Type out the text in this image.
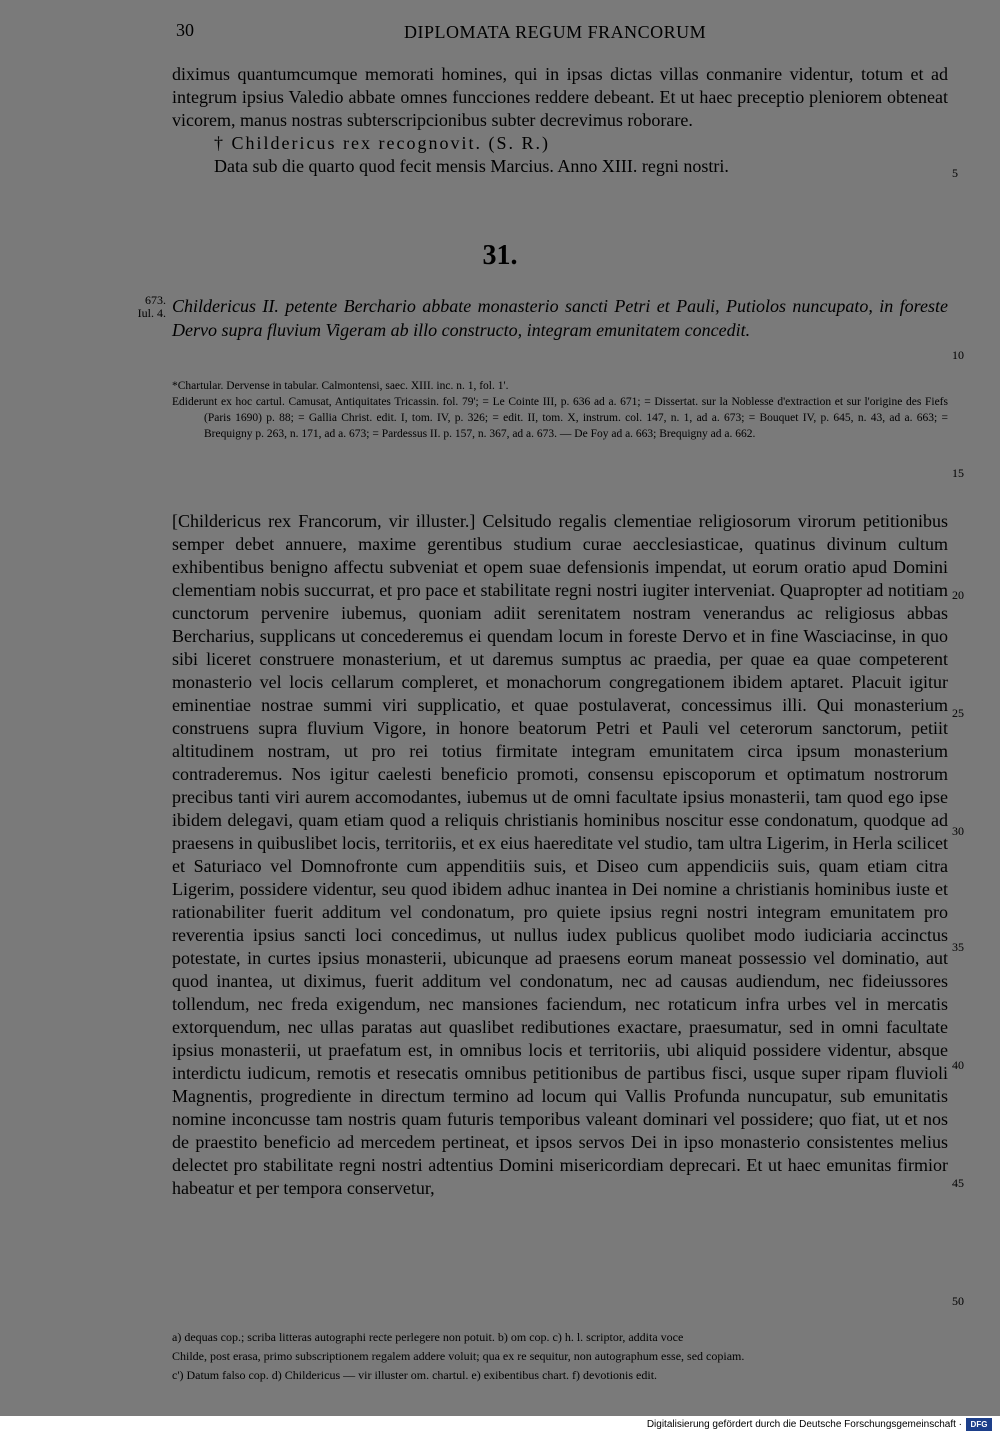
30	DIPLOMATA REGUM FRANCORUM
diximus quantumcumque memorati homines, qui in ipsas dictas villas conmanire videntur, totum et ad integrum ipsius Valedio abbate omnes funcciones reddere debeant. Et ut haec preceptio pleniorem obteneat vicorem, manus nostras subterscripcionibus subter decrevimus roborare.
† Childericus rex recognovit. (S. R.)
Data sub die quarto quod fecit mensis Marcius. Anno XIII. regni nostri.
31.
673.
Iul. 4. Childericus II. petente Berchario abbate monasterio sancti Petri et Pauli, Putiolos nuncupato, in foreste Dervo supra fluvium Vigeram ab illo constructo, integram emunitatem concedit.

*Chartular. Dervense in tabular. Calmontensi, saec. XIII. inc. n. 1, fol. 1'.

Ediderunt ex hoc cartul. Camusat, Antiquitates Tricassin. fol. 79'; = Le Cointe III, p. 636 ad a. 671; = Dissertat. sur la Noblesse d'extraction et sur l'origine des Fiefs (Paris 1690) p. 88; = Gallia Christ. edit. I, tom. IV, p. 326; = edit. II, tom. X, instrum. col. 147, n. 1, ad a. 673; = Bouquet IV, p. 645, n. 43, ad a. 663; = Brequigny p. 263, n. 171, ad a. 673; = Pardessus II. p. 157, n. 367, ad a. 673. — De Foy ad a. 663; Brequigny ad a. 662.

[Childericus rex Francorum, vir illuster.] Celsitudo regalis clementiae religiosorum virorum petitionibus semper debet annuere, maxime gerentibus studium curae aecclesiasticae, quatinus divinum cultum exhibentibus benigno affectu subveniat et opem suae defensionis impendat, ut eorum oratio apud Domini clementiam nobis succurrat, et pro pace et stabilitate regni nostri iugiter interveniat. Quapropter ad notitiam cunctorum pervenire iubemus, quoniam adiit serenitatem nostram venerandus ac religiosus abbas Bercharius, supplicans ut concederemus ei quendam locum in foreste Dervo et in fine Wasciacinse, in quo sibi liceret construere monasterium, et ut daremus sumptus ac praedia, per quae ea quae competerent monasterio vel locis cellarum compleret, et monachorum congregationem ibidem aptaret. Placuit igitur eminentiae nostrae summi viri supplicatio, et quae postulaverat, concessimus illi. Qui monasterium construens supra fluvium Vigore, in honore beatorum Petri et Pauli vel ceterorum sanctorum, petiit altitudinem nostram, ut pro rei totius firmitate integram emunitatem circa ipsum monasterium contraderemus. Nos igitur caelesti beneficio promoti, consensu episcoporum et optimatum nostrorum precibus tanti viri aurem accomodantes, iubemus ut de omni facultate ipsius monasterii, tam quod ego ipse ibidem delegavi, quam etiam quod a reliquis christianis hominibus noscitur esse condonatum, quodque ad praesens in quibuslibet locis, territoriis, et ex eius haereditate vel studio, tam ultra Ligerim, in Herla scilicet et Saturiaco vel Domnofronte cum appenditiis suis, et Diseo cum appendiciis suis, quam etiam citra Ligerim, possidere videntur, seu quod ibidem adhuc inantea in Dei nomine a christianis hominibus iuste et rationabiliter fuerit additum vel condonatum, pro quiete ipsius regni nostri integram emunitatem pro reverentia ipsius sancti loci concedimus, ut nullus iudex publicus quolibet modo iudiciaria accinctus potestate, in curtes ipsius monasterii, ubicunque ad praesens eorum maneat possessio vel dominatio, aut quod inantea, ut diximus, fuerit additum vel condonatum, nec ad causas audiendum, nec fideiussores tollendum, nec freda exigendum, nec mansiones faciendum, nec rotaticum infra urbes vel in mercatis extorquendum, nec ullas paratas aut quaslibet redibutiones exactare, praesumatur, sed in omni facultate ipsius monasterii, ut praefatum est, in omnibus locis et territoriis, ubi aliquid possidere videntur, absque interdictu iudicum, remotis et resecatis omnibus petitionibus de partibus fisci, usque super ripam fluvioli Magnentis, progrediente in directum termino ad locum qui Vallis Profunda nuncupatur, sub emunitatis nomine inconcusse tam nostris quam futuris temporibus valeant dominari vel possidere; quo fiat, ut et nos de praestito beneficio ad mercedem pertineat, et ipsos servos Dei in ipso monasterio consistentes melius delectet pro stabilitate regni nostri adtentius Domini misericordiam deprecari. Et ut haec emunitas firmior habeatur et per tempora conservetur,

a) dequas cop.; scriba litteras autographi recte perlegere non potuit. b) om cop. c) h. l. scriptor, addita voce

Childe, post erasa, primo subscriptionem regalem addere voluit; qua ex re sequitur, non autographum esse, sed copiam.

c') Datum falso cop. d) Childericus — vir illuster om. chartul. e) exibentibus chart. f) devotionis edit.

5
10
15
20
25
30
35
40
45
50
Digitalisierung gefördert durch die Deutsche Forschungsgemeinschaft ·	DFG
